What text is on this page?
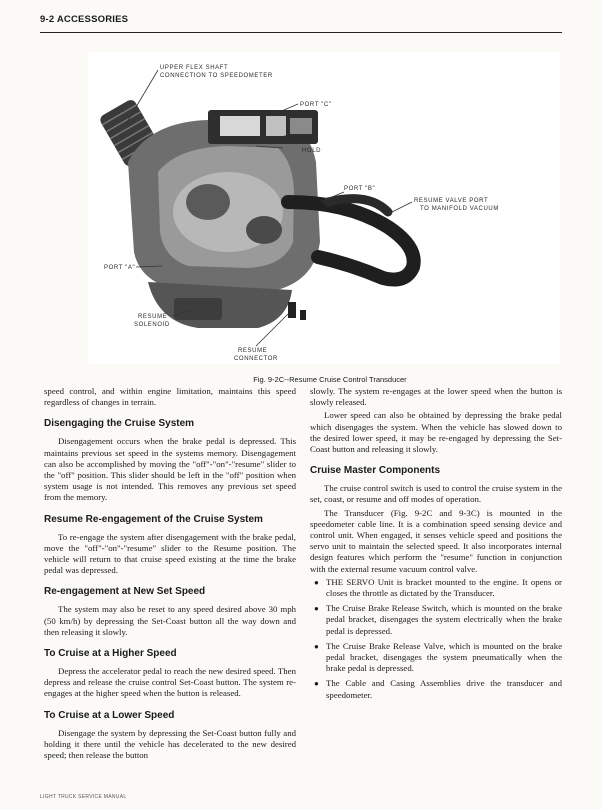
9-2 ACCESSORIES
UPPER FLEX SHAFT
CONNECTION TO SPEEDOMETER
PORT "C"
ENGAGE
HOLD
PORT "B"
RESUME VALVE PORT
TO MANIFOLD VACUUM
PORT "A"
RESUME
SOLENOID
RESUME
CONNECTOR
Fig. 9-2C--Resume Cruise Control Transducer

speed control, and within engine limitation, maintains this speed regardless of changes in terrain.

Disengaging the Cruise System

Disengagement occurs when the brake pedal is depressed. This maintains previous set speed in the systems memory. Disengagement can also be accomplished by moving the "off"-"on"-"resume" slider to the "off" position. This slider should be left in the "off" position when system usage is not intended. This removes any previous set speed from the memory.

Resume Re-engagement of the Cruise System

To re-engage the system after disengagement with the brake pedal, move the "off"-"on"-"resume" slider to the Resume position. The vehicle will return to that cruise speed existing at the time the brake pedal was depressed.

Re-engagement at New Set Speed

The system may also be reset to any speed desired above 30 mph (50 km/h) by depressing the Set-Coast button all the way down and then releasing it slowly.

To Cruise at a Higher Speed

Depress the accelerator pedal to reach the new desired speed. Then depress and release the cruise control Set-Coast button. The system re-engages at the higher speed when the button is released.

To Cruise at a Lower Speed

Disengage the system by depressing the Set-Coast button fully and holding it there until the vehicle has decelerated to the new desired speed; then release the button

slowly. The system re-engages at the lower speed when the button is slowly released.

Lower speed can also be obtained by depressing the brake pedal which disengages the system. When the vehicle has slowed down to the desired lower speed, it may be re-engaged by depressing the Set-Coast button and releasing it slowly.

Cruise Master Components

The cruise control switch is used to control the cruise system in the set, coast, or resume and off modes of operation.

The Transducer (Fig. 9-2C and 9-3C) is mounted in the speedometer cable line. It is a combination speed sensing device and control unit. When engaged, it senses vehicle speed and positions the servo unit to maintain the selected speed. It also incorporates internal design features which perform the "resume" function in conjunction with the external resume vacuum control valve.

● THE SERVO Unit is bracket mounted to the engine. It opens or closes the throttle as dictated by the Transducer.
● The Cruise Brake Release Switch, which is mounted on the brake pedal bracket, disengages the system electrically when the brake pedal is depressed.
● The Cruise Brake Release Valve, which is mounted on the brake pedal bracket, disengages the system pneumatically when the brake pedal is depressed.
● The Cable and Casing Assemblies drive the transducer and speedometer.
LIGHT TRUCK SERVICE MANUAL
